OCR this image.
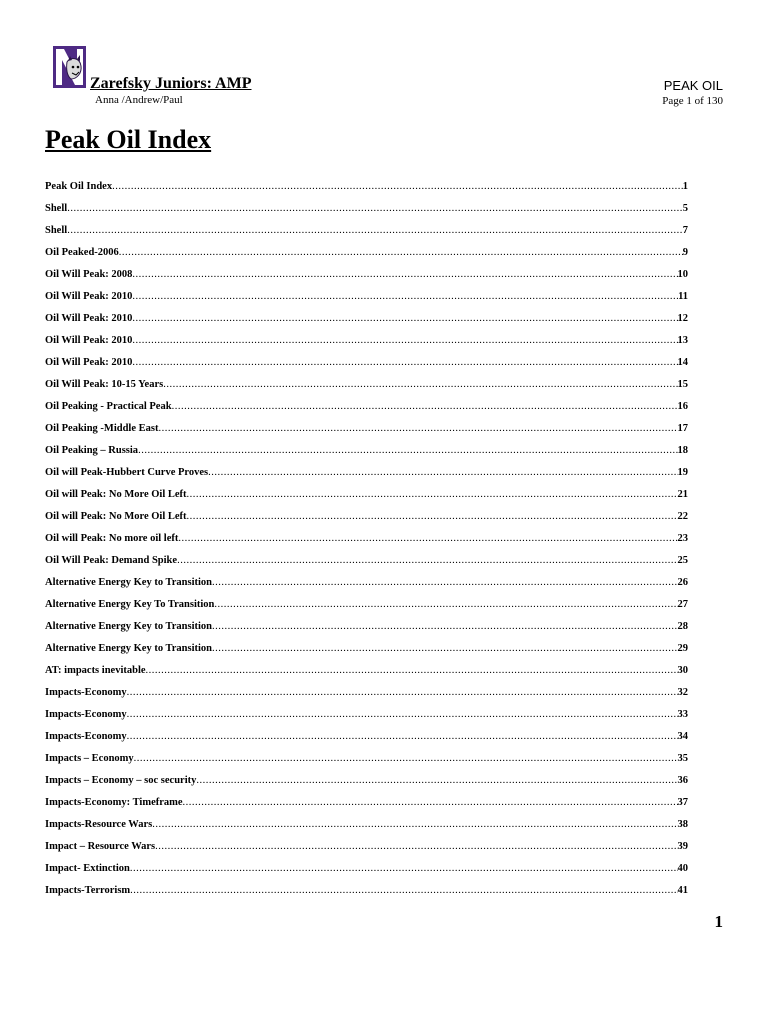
Zarefsky Juniors: AMP
Anna /Andrew/Paul
PEAK OIL
Page 1 of 130
Peak Oil Index
Peak Oil Index .....	1
Shell .....	5
Shell .....	7
Oil Peaked-2006 .....	9
Oil Will Peak: 2008 .....	10
Oil Will Peak: 2010 .....	11
Oil Will Peak: 2010 .....	12
Oil Will Peak: 2010 .....	13
Oil Will Peak: 2010 .....	14
Oil Will Peak: 10-15 Years .....	15
Oil Peaking - Practical Peak .....	16
Oil Peaking -Middle East .....	17
Oil Peaking – Russia .....	18
Oil will Peak-Hubbert Curve Proves .....	19
Oil will Peak: No More Oil Left .....	21
Oil will Peak: No More Oil Left .....	22
Oil will Peak: No more oil left .....	23
Oil Will Peak: Demand Spike .....	25
Alternative Energy Key to Transition .....	26
Alternative Energy Key To Transition .....	27
Alternative Energy Key to Transition .....	28
Alternative Energy Key to Transition .....	29
AT: impacts inevitable .....	30
Impacts-Economy .....	32
Impacts-Economy .....	33
Impacts-Economy .....	34
Impacts – Economy .....	35
Impacts – Economy – soc security .....	36
Impacts-Economy: Timeframe .....	37
Impacts-Resource Wars .....	38
Impact – Resource Wars .....	39
Impact- Extinction .....	40
Impacts-Terrorism .....	41
1
